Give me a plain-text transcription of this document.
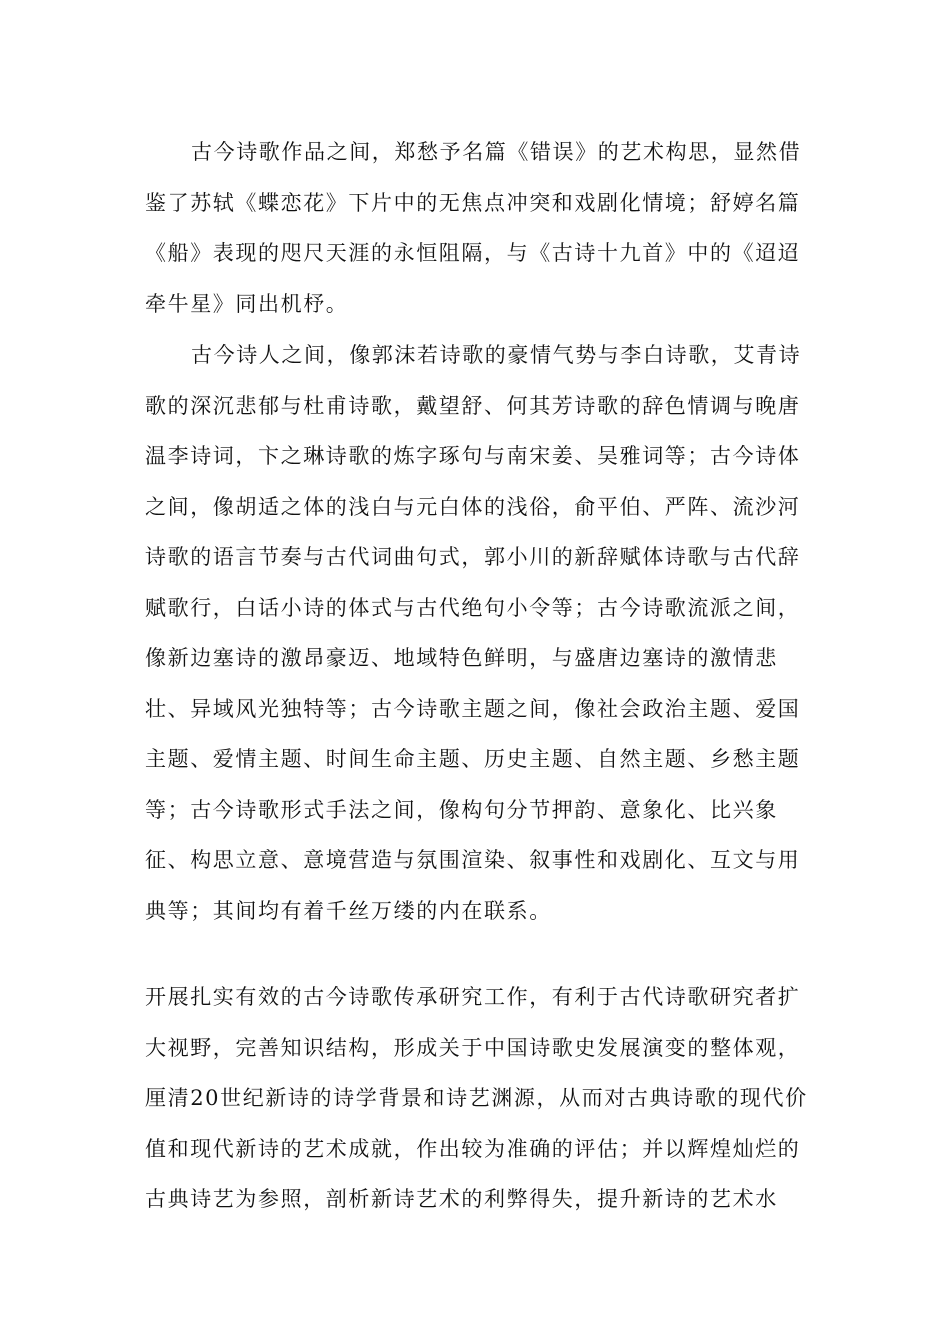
古今诗歌作品之间，郑愁予名篇《错误》的艺术构思，显然借
鉴了苏轼《蝶恋花》下片中的无焦点冲突和戏剧化情境；舒婷名篇
《船》表现的咫尺天涯的永恒阻隔，与《古诗十九首》中的《迢迢
牵牛星》同出机杼。
古今诗人之间，像郭沫若诗歌的豪情气势与李白诗歌，艾青诗
歌的深沉悲郁与杜甫诗歌，戴望舒、何其芳诗歌的辞色情调与晚唐
温李诗词，卞之琳诗歌的炼字琢句与南宋姜、吴雅词等；古今诗体
之间，像胡适之体的浅白与元白体的浅俗，俞平伯、严阵、流沙河
诗歌的语言节奏与古代词曲句式，郭小川的新辞赋体诗歌与古代辞
赋歌行，白话小诗的体式与古代绝句小令等；古今诗歌流派之间，
像新边塞诗的激昂豪迈、地域特色鲜明，与盛唐边塞诗的激情悲
壮、异域风光独特等；古今诗歌主题之间，像社会政治主题、爱国
主题、爱情主题、时间生命主题、历史主题、自然主题、乡愁主题
等；古今诗歌形式手法之间，像构句分节押韵、意象化、比兴象
征、构思立意、意境营造与氛围渲染、叙事性和戏剧化、互文与用
典等；其间均有着千丝万缕的内在联系。
开展扎实有效的古今诗歌传承研究工作，有利于古代诗歌研究者扩
大视野，完善知识结构，形成关于中国诗歌史发展演变的整体观，
厘清20世纪新诗的诗学背景和诗艺渊源，从而对古典诗歌的现代价
值和现代新诗的艺术成就，作出较为准确的评估；并以辉煌灿烂的
古典诗艺为参照，剖析新诗艺术的利弊得失，提升新诗的艺术水
